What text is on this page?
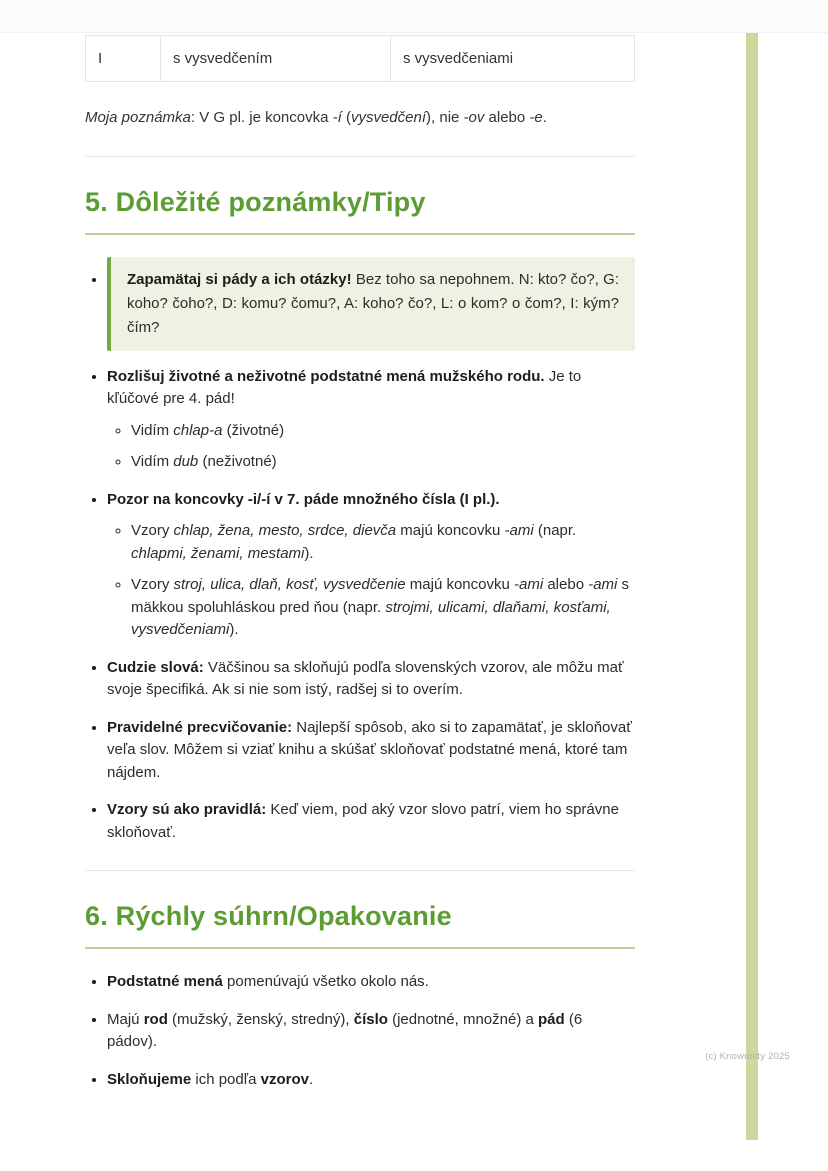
I	s vysvedčením	s vysvedčeniami

Moja poznámka: V G pl. je koncovka -í (vysvedčení), nie -ov alebo -e.

5. Dôležité poznámky/Tipy

• Zapamätaj si pády a ich otázky! Bez toho sa nepohnem. N: kto? čo?, G: koho? čoho?, D: komu? čomu?, A: koho? čo?, L: o kom? o čom?, I: kým? čím?

• Rozlišuj životné a neživotné podstatné mená mužského rodu. Je to kľúčové pre 4. pád!

◦ Vidím chlap-a (životné)

◦ Vidím dub (neživotné)

• Pozor na koncovky -i/-í v 7. páde množného čísla (I pl.).

◦ Vzory chlap, žena, mesto, srdce, dievča majú koncovku -ami (napr. chlapmi, ženami, mestami).

◦ Vzory stroj, ulica, dlaň, kosť, vysvedčenie majú koncovku -ami alebo -ami s mäkkou spoluhláskou pred ňou (napr. strojmi, ulicami, dlaňami, kosťami, vysvedčeniami).

• Cudzie slová: Väčšinou sa skloňujú podľa slovenských vzorov, ale môžu mať svoje špecifiká. Ak si nie som istý, radšej si to overím.

• Pravidelné precvičovanie: Najlepší spôsob, ako si to zapamätať, je skloňovať veľa slov. Môžem si vziať knihu a skúšať skloňovať podstatné mená, ktoré tam nájdem.

• Vzory sú ako pravidlá: Keď viem, pod aký vzor slovo patrí, viem ho správne skloňovať.

6. Rýchly súhrn/Opakovanie

• Podstatné mená pomenúvajú všetko okolo nás.

• Majú rod (mužský, ženský, stredný), číslo (jednotné, množné) a pád (6 pádov).

• Skloňujeme ich podľa vzorov.

(c) Knowunity 2025
